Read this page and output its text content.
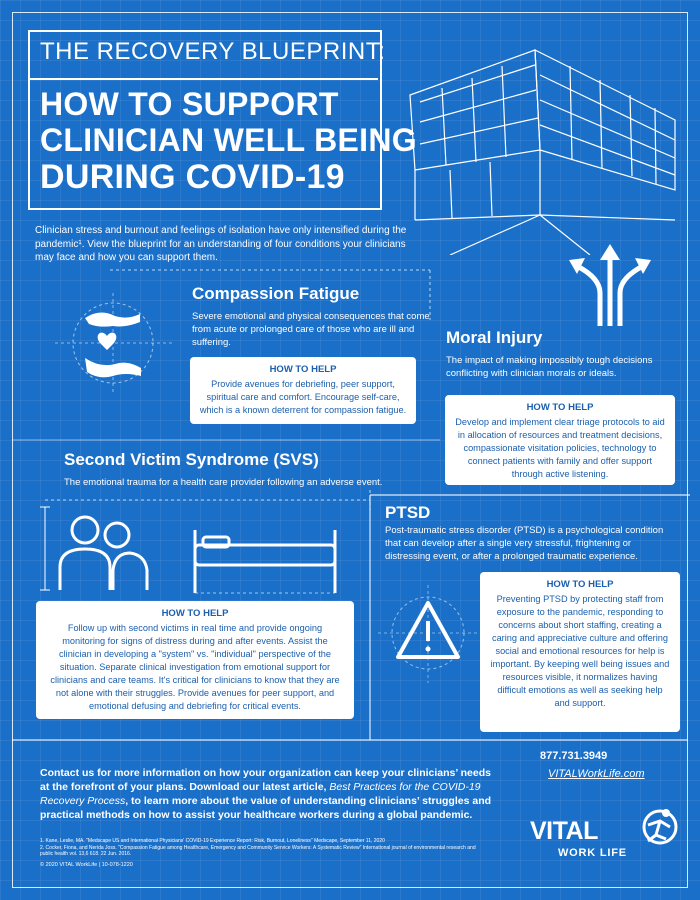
THE RECOVERY BLUEPRINT:
HOW TO SUPPORT
CLINICIAN WELL BEING
DURING COVID-19
Clinician stress and burnout and feelings of isolation have only intensified during the pandemic¹. View the blueprint for an understanding of four conditions your clinicians may face and how you can support them.
Compassion Fatigue
Severe emotional and physical consequences that come from acute or prolonged care of those who are ill and suffering.
HOW TO HELP
Provide avenues for debriefing, peer support, spiritual care and comfort. Encourage self-care, which is a known deterrent for compassion fatigue.
Moral Injury
The impact of making impossibly tough decisions conflicting with clinician morals or ideals.
HOW TO HELP
Develop and implement clear triage protocols to aid in allocation of resources and treatment decisions, compassionate visitation policies, technology to connect patients with family and offer support through active listening.
Second Victim Syndrome (SVS)
The emotional trauma for a health care provider following an adverse event.
HOW TO HELP
Follow up with second victims in real time and provide ongoing monitoring for signs of distress during and after events. Assist the clinician in developing a "system" vs. "individual" perspective of the situation. Separate clinical investigation from emotional support for clinicians and care teams. It's critical for clinicians to know that they are not alone with their struggles. Provide avenues for peer support, and emotional defusing and debriefing for critical events.
PTSD
Post-traumatic stress disorder (PTSD) is a psychological condition that can develop after a single very stressful, frightening or distressing event, or after a prolonged traumatic experience.
HOW TO HELP
Preventing PTSD by protecting staff from exposure to the pandemic, responding to concerns about short staffing, creating a caring and appreciative culture and offering social and emotional resources for help is important. By keeping well being issues and resources visible, it normalizes having difficult emotions as well as seeking help and support.
Contact us for more information on how your organization can keep your clinicians’ needs at the forefront of your plans. Download our latest article, Best Practices for the COVID-19 Recovery Process, to learn more about the value of understanding clinicians’ struggles and practical methods on how to assist your healthcare workers during a global pandemic.
1. Kane, Leslie, MA. "Medscape US and International Physicians' COVID-19 Experience Report: Risk, Burnout, Loneliness" Medscape, September 11, 2020
2. Cocker, Fiona, and Nerida Joss. "Compassion Fatigue among Healthcare, Emergency and Community Service Workers: A Systematic Review" International journal of environmental research and public health vol. 13,6 618. 22 Jun. 2016.
© 2020 VITAL WorkLife | 10-078-1220
877.731.3949
VITALWorkLife.com
VITAL
WORK LIFE
